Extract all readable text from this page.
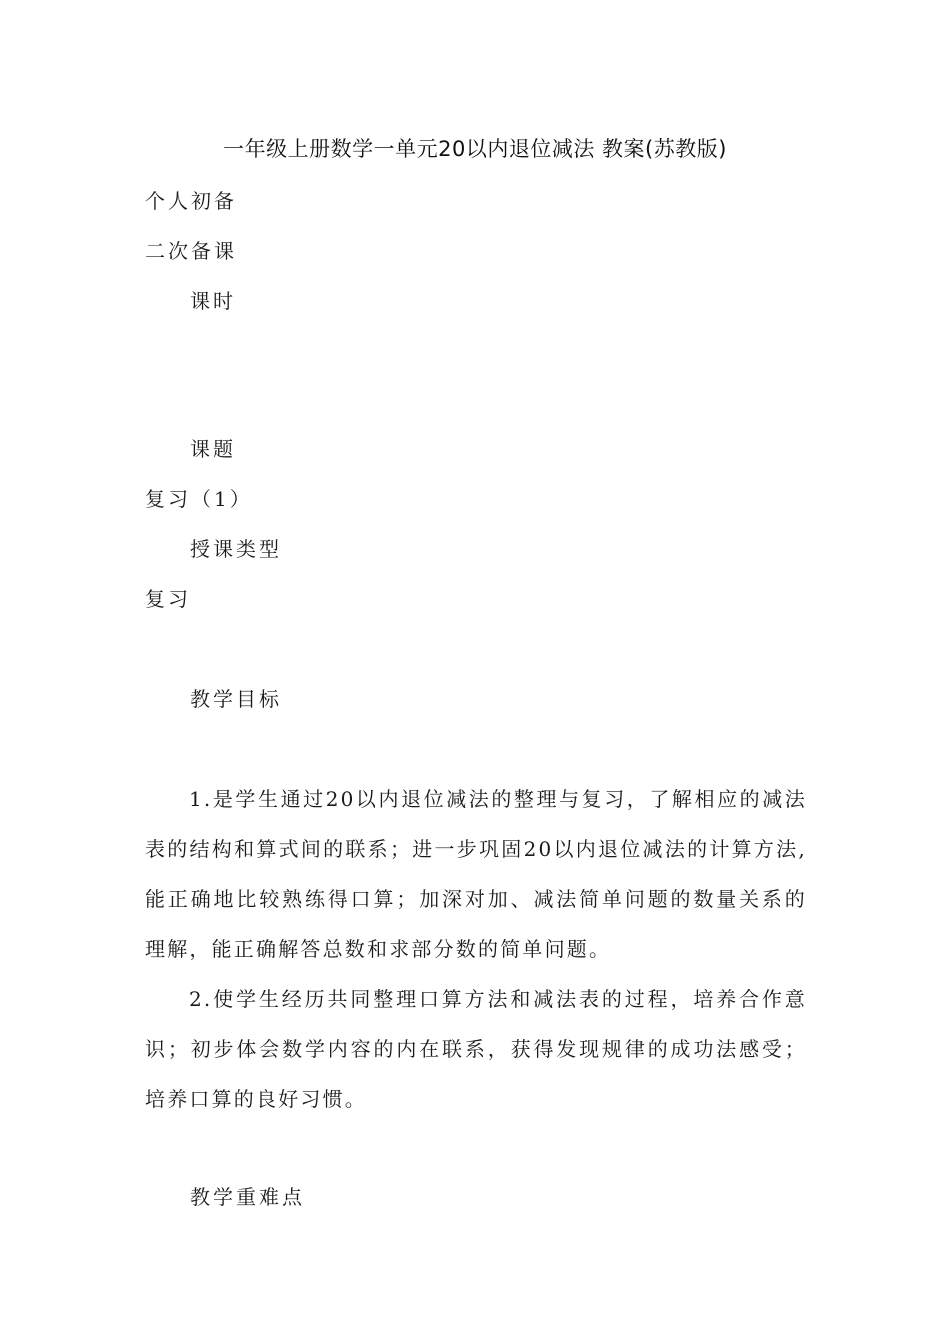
一年级上册数学一单元20以内退位减法 教案(苏教版)
个人初备
二次备课
课时
课题
复习（1）
授课类型
复习
教学目标

1.是学生通过20以内退位减法的整理与复习，了解相应的减法表的结构和算式间的联系；进一步巩固20以内退位减法的计算方法,能正确地比较熟练得口算；加深对加、减法简单问题的数量关系的理解，能正确解答总数和求部分数的简单问题。

2.使学生经历共同整理口算方法和减法表的过程，培养合作意识；初步体会数学内容的内在联系，获得发现规律的成功法感受；培养口算的良好习惯。

教学重难点
